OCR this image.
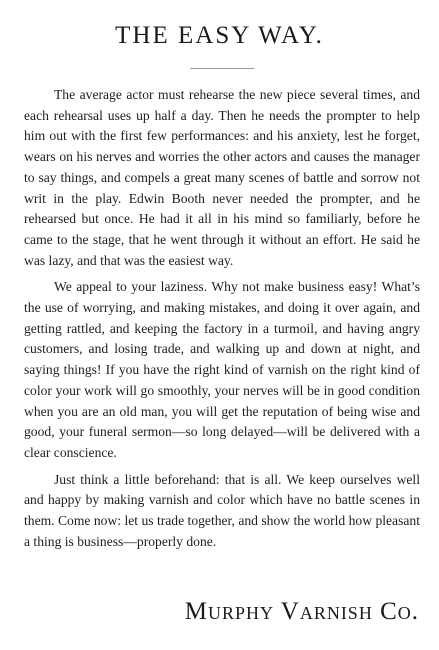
THE EASY WAY.

The average actor must rehearse the new piece several times, and each rehearsal uses up half a day. Then he needs the prompter to help him out with the first few performances: and his anxiety, lest he forget, wears on his nerves and worries the other actors and causes the manager to say things, and compels a great many scenes of battle and sorrow not writ in the play. Edwin Booth never needed the prompter, and he rehearsed but once. He had it all in his mind so familiarly, before he came to the stage, that he went through it without an effort. He said he was lazy, and that was the easiest way.

We appeal to your laziness. Why not make business easy! What’s the use of worrying, and making mistakes, and doing it over again, and getting rattled, and keeping the factory in a turmoil, and having angry customers, and losing trade, and walking up and down at night, and saying things! If you have the right kind of varnish on the right kind of color your work will go smoothly, your nerves will be in good condition when you are an old man, you will get the reputation of being wise and good, your funeral sermon—so long delayed—will be delivered with a clear conscience.

Just think a little beforehand: that is all. We keep ourselves well and happy by making varnish and color which have no battle scenes in them. Come now: let us trade together, and show the world how pleasant a thing is business—properly done.

Murphy Varnish Co.
